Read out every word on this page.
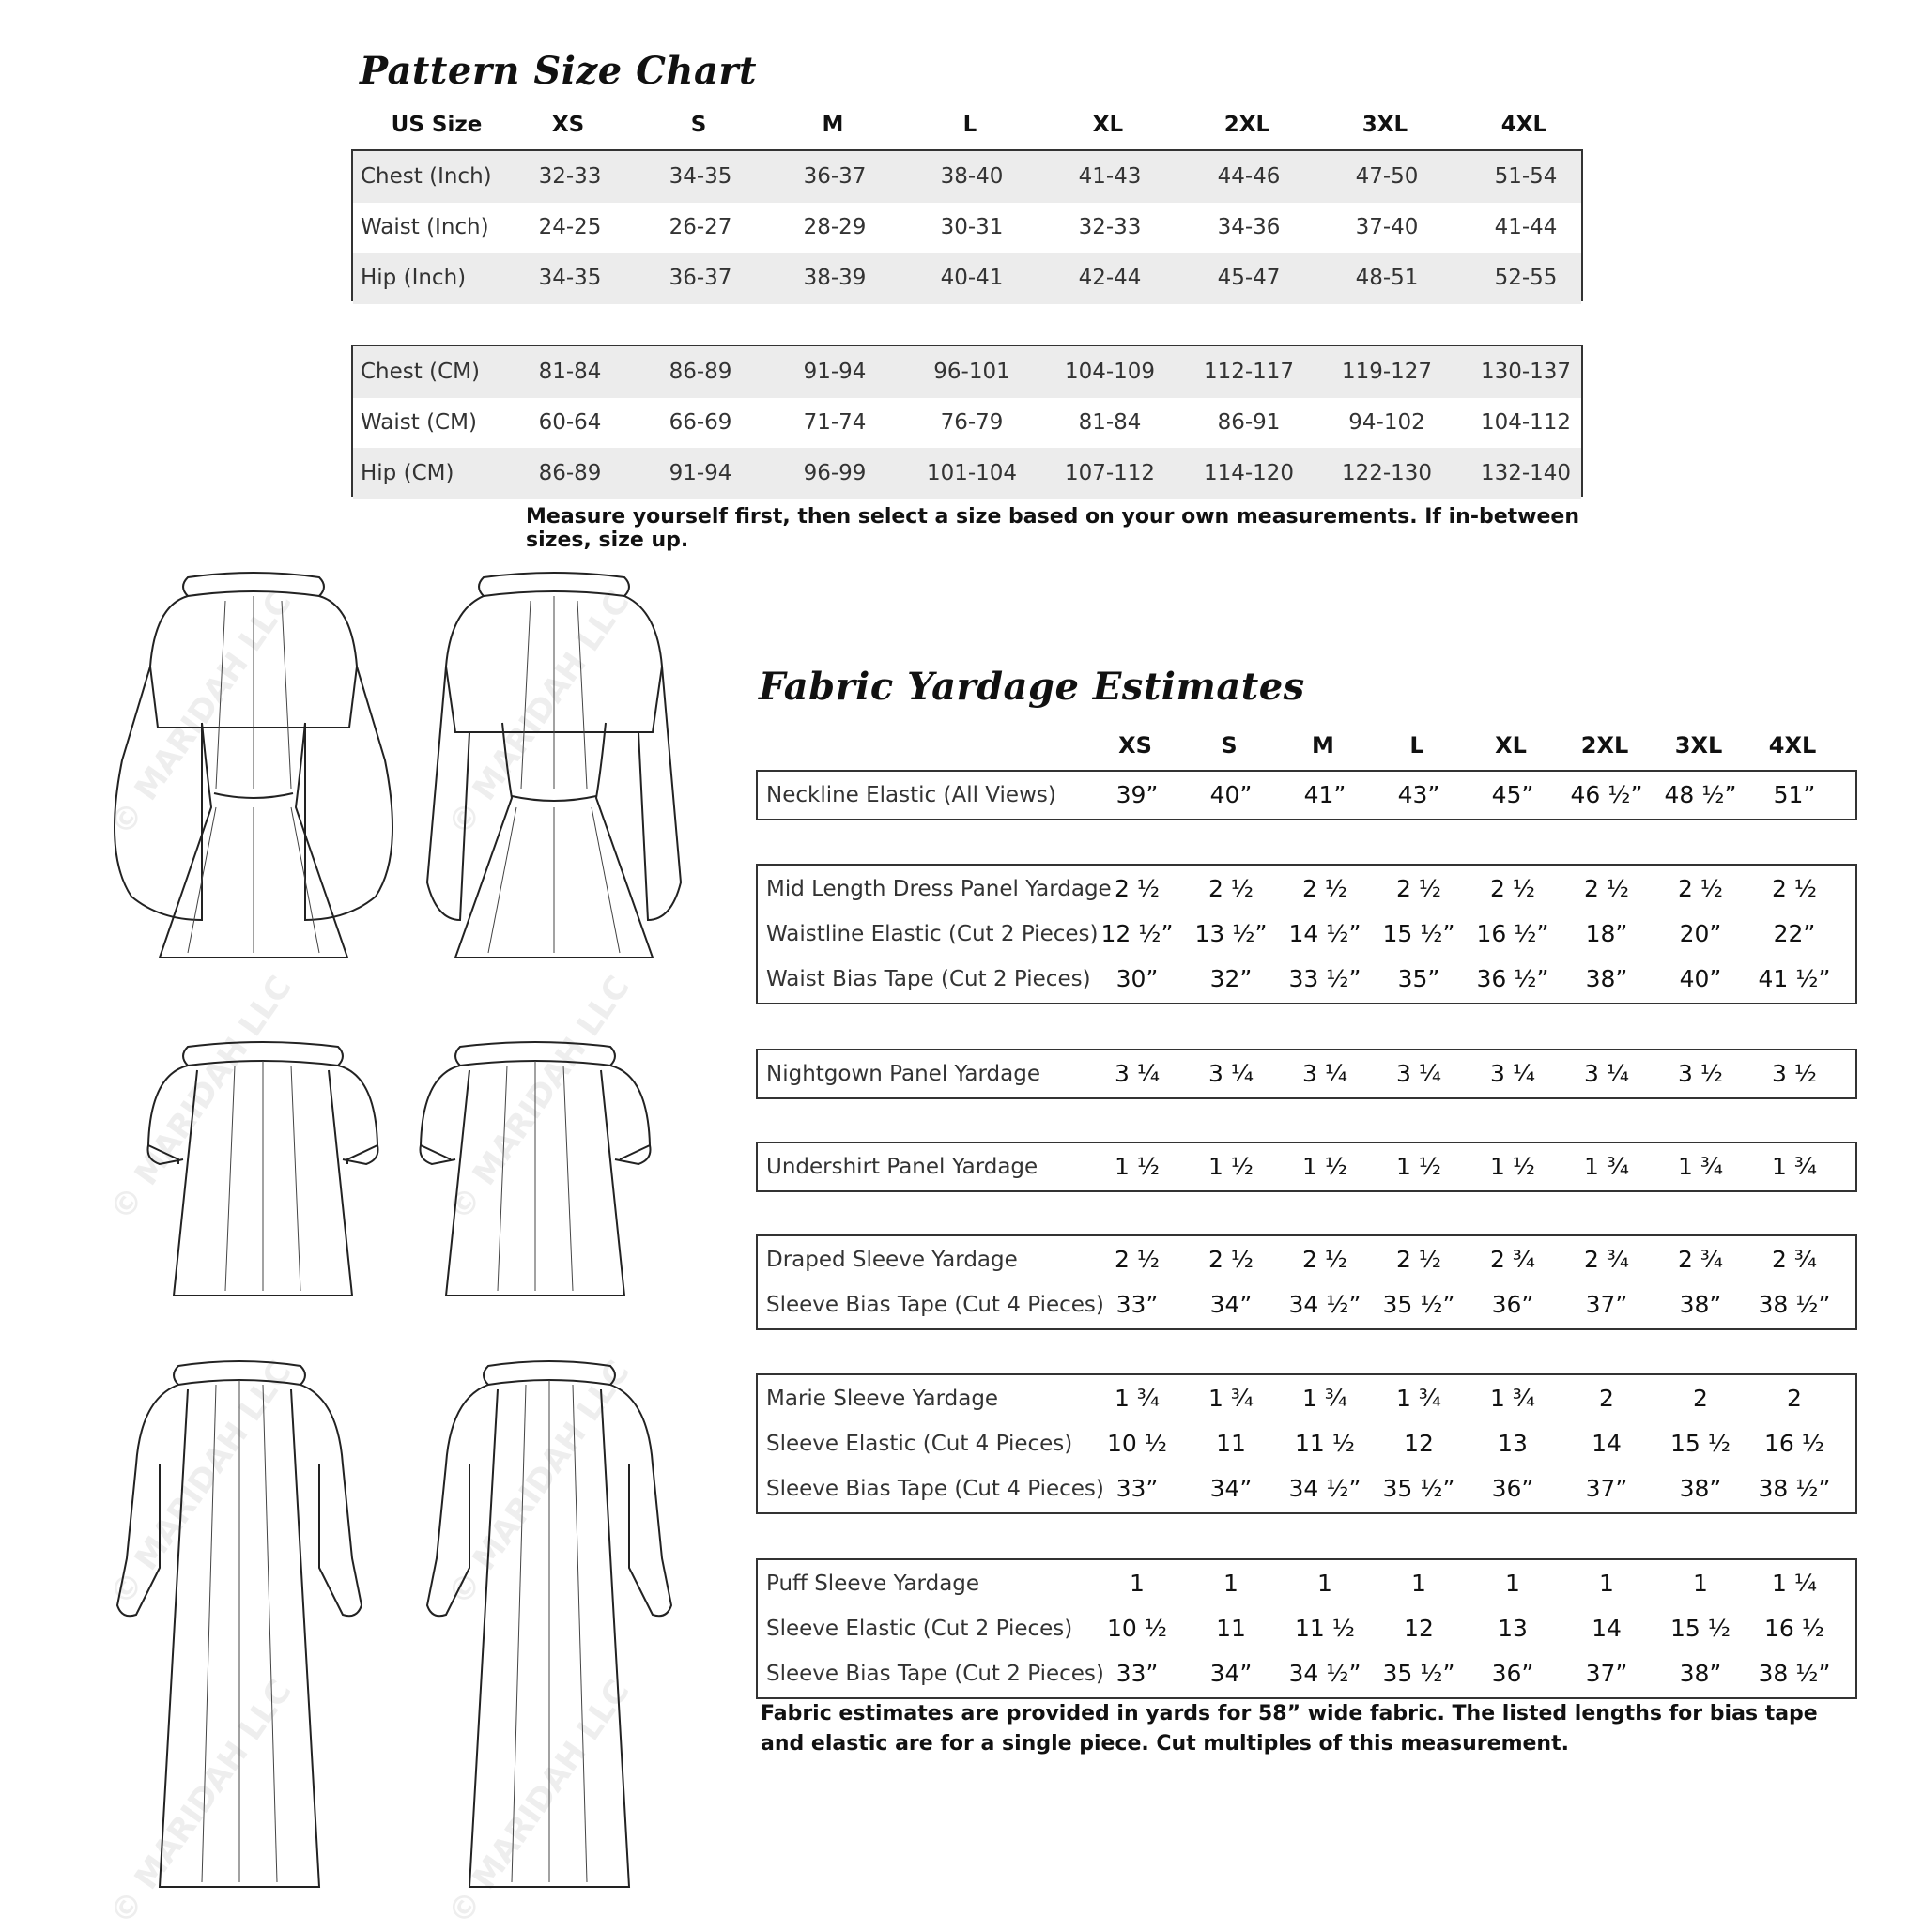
© MARIDAH LLC	© MARIDAH LLC
© MARIDAH LLC	© MARIDAH LLC
© MARIDAH LLC	© MARIDAH LLC
© MARIDAH LLC	© MARIDAH LLC
Pattern Size Chart
US Size	XS	S	M	L	XL	2XL	3XL	4XL
Chest (Inch)	32-33	34-35	36-37	38-40	41-43	44-46	47-50	51-54
Waist (Inch)	24-25	26-27	28-29	30-31	32-33	34-36	37-40	41-44
Hip (Inch)	34-35	36-37	38-39	40-41	42-44	45-47	48-51	52-55
Chest (CM)	81-84	86-89	91-94	96-101	104-109	112-117	119-127	130-137
Waist (CM)	60-64	66-69	71-74	76-79	81-84	86-91	94-102	104-112
Hip (CM)	86-89	91-94	96-99	101-104	107-112	114-120	122-130	132-140
Measure yourself first, then select a size based on your own measurements. If in-between sizes, size up.
Fabric Yardage Estimates
XS	S	M	L	XL	2XL	3XL	4XL
Neckline Elastic (All Views)	39”	40”	41”	43”	45”	46 ½” 48 ½”	51”
Mid Length Dress Panel Yardage 2 ½	2 ½	2 ½	2 ½	2 ½	2 ½	2 ½	2 ½
Waistline Elastic (Cut 2 Pieces) 12 ½” 13 ½” 14 ½” 15 ½” 16 ½”	18”	20”	22”
Waist Bias Tape (Cut 2 Pieces)	30”	32”	33 ½”	35”	36 ½”	38”	40”	41 ½”
Nightgown Panel Yardage	3 ¼	3 ¼	3 ¼	3 ¼	3 ¼	3 ¼	3 ½	3 ½
Undershirt Panel Yardage	1 ½	1 ½	1 ½	1 ½	1 ½	1 ¾	1 ¾	1 ¾
Draped Sleeve Yardage	2 ½	2 ½	2 ½	2 ½	2 ¾	2 ¾	2 ¾	2 ¾
Sleeve Bias Tape (Cut 4 Pieces) 33”	34”	34 ½” 35 ½”	36”	37”	38”	38 ½”
Marie Sleeve Yardage	1 ¾	1 ¾	1 ¾	1 ¾	1 ¾	2	2	2
Sleeve Elastic (Cut 4 Pieces)	10 ½	11	11 ½	12	13	14	15 ½	16 ½
Sleeve Bias Tape (Cut 4 Pieces) 33”	34”	34 ½” 35 ½”	36”	37”	38”	38 ½”
Puff Sleeve Yardage	1	1	1	1	1	1	1	1 ¼
Sleeve Elastic (Cut 2 Pieces)	10 ½	11	11 ½	12	13	14	15 ½	16 ½
Sleeve Bias Tape (Cut 2 Pieces) 33”	34”	34 ½” 35 ½”	36”	37”	38”	38 ½”
Fabric estimates are provided in yards for 58” wide fabric. The listed lengths for bias tape and elastic are for a single piece. Cut multiples of this measurement.
